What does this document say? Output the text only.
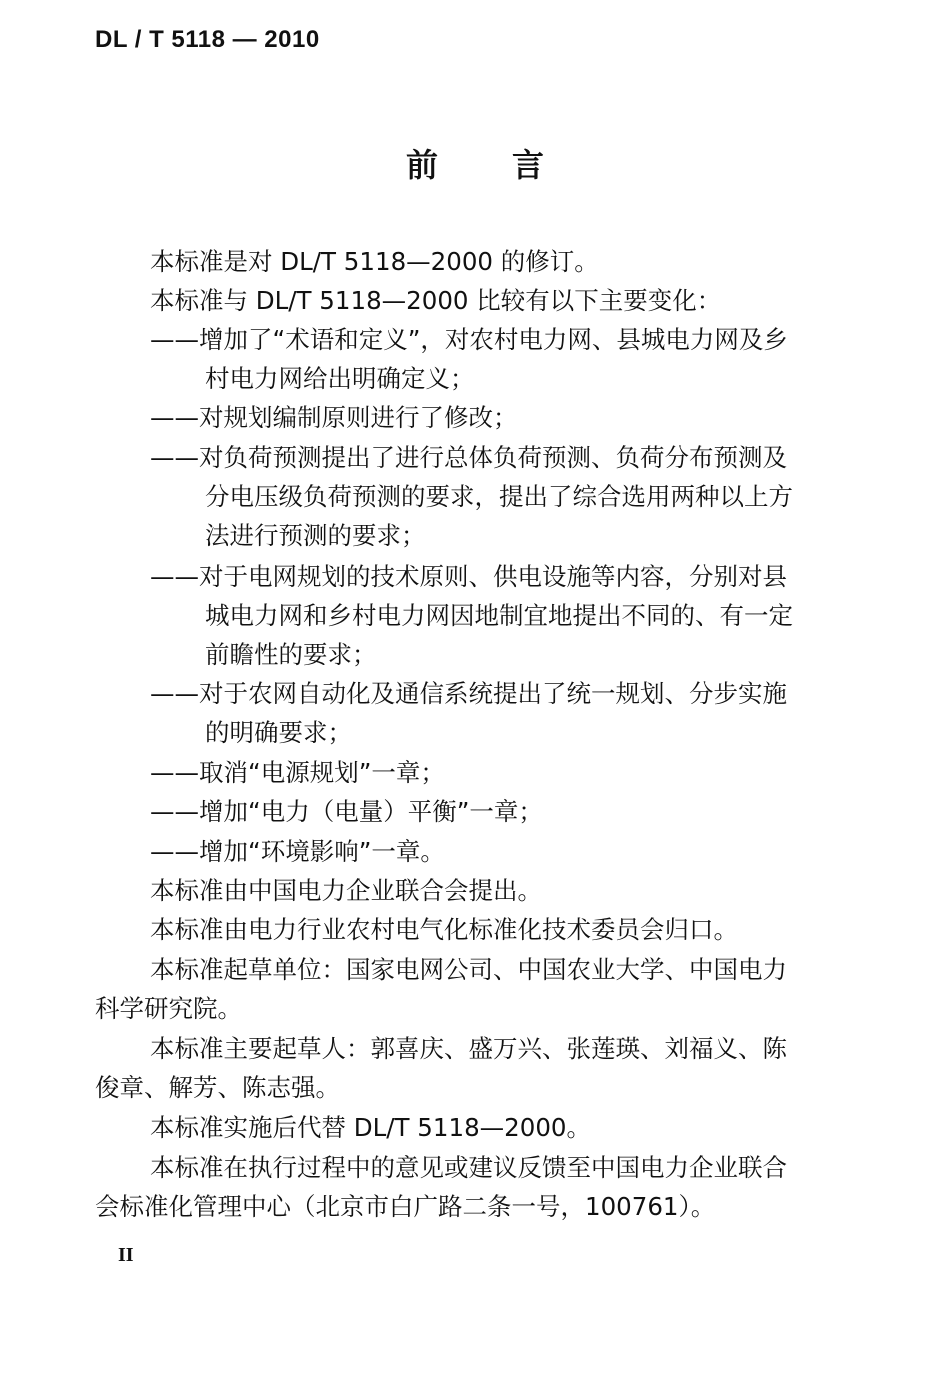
DL / T 5118 — 2010
前 言
本标准是对 DL/T 5118—2000 的修订。
本标准与 DL/T 5118—2000 比较有以下主要变化：
——增加了“术语和定义”，对农村电力网、县城电力网及乡
村电力网给出明确定义；
——对规划编制原则进行了修改；
——对负荷预测提出了进行总体负荷预测、负荷分布预测及
分电压级负荷预测的要求，提出了综合选用两种以上方
法进行预测的要求；
——对于电网规划的技术原则、供电设施等内容，分别对县
城电力网和乡村电力网因地制宜地提出不同的、有一定
前瞻性的要求；
——对于农网自动化及通信系统提出了统一规划、分步实施
的明确要求；
——取消“电源规划”一章；
——增加“电力（电量）平衡”一章；
——增加“环境影响”一章。
本标准由中国电力企业联合会提出。
本标准由电力行业农村电气化标准化技术委员会归口。
本标准起草单位：国家电网公司、中国农业大学、中国电力
科学研究院。
本标准主要起草人：郭喜庆、盛万兴、张莲瑛、刘福义、陈
俊章、解芳、陈志强。
本标准实施后代替 DL/T 5118—2000。
本标准在执行过程中的意见或建议反馈至中国电力企业联合
会标准化管理中心（北京市白广路二条一号，100761）。
II
